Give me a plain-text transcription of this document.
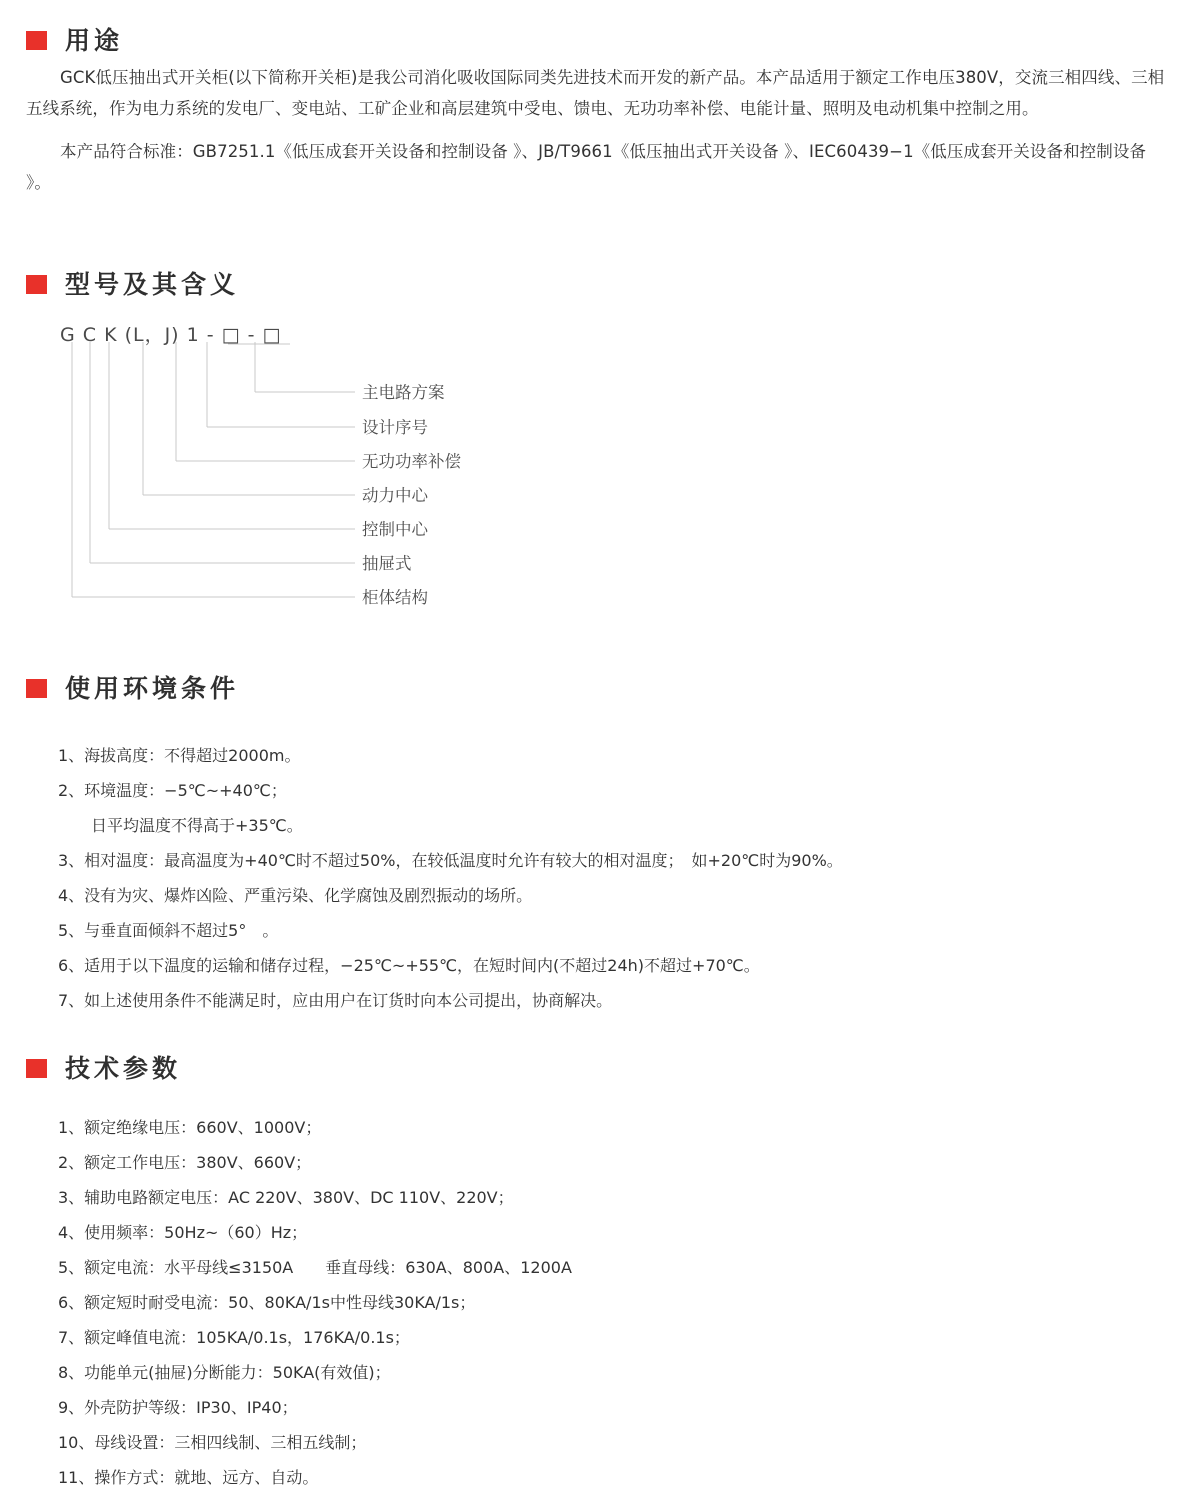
用途

GCK低压抽出式开关柜(以下简称开关柜)是我公司消化吸收国际同类先进技术而开发的新产品。本产品适用于额定工作电压380V，交流三相四线、三相五线系统，作为电力系统的发电厂、变电站、工矿企业和高层建筑中受电、馈电、无功功率补偿、电能计量、照明及电动机集中控制之用。

本产品符合标准：GB7251.1《低压成套开关设备和控制设备 》、JB/T9661《低压抽出式开关设备 》、IEC60439−1《低压成套开关设备和控制设备 》。

型号及其含义
G C K (L，J) 1 - □ - □
主电路方案
设计序号
无功功率补偿
动力中心
控制中心
抽屉式
柜体结构
使用环境条件
1、海拔高度：不得超过2000m。
2、环境温度：−5℃~+40℃；
日平均温度不得高于+35℃。
3、相对温度：最高温度为+40℃时不超过50%，在较低温度时允许有较大的相对温度；　如+20℃时为90%。
4、没有为灾、爆炸凶险、严重污染、化学腐蚀及剧烈振动的场所。
5、与垂直面倾斜不超过5°　。
6、适用于以下温度的运输和储存过程，−25℃~+55℃，在短时间内(不超过24h)不超过+70℃。
7、如上述使用条件不能满足时，应由用户在订货时向本公司提出，协商解决。
技术参数
1、额定绝缘电压：660V、1000V；
2、额定工作电压：380V、660V；
3、辅助电路额定电压：AC 220V、380V、DC 110V、220V；
4、使用频率：50Hz~（60）Hz；
5、额定电流：水平母线≤3150A　　垂直母线：630A、800A、1200A
6、额定短时耐受电流：50、80KA/1s中性母线30KA/1s；
7、额定峰值电流：105KA/0.1s，176KA/0.1s；
8、功能单元(抽屉)分断能力：50KA(有效值)；
9、外壳防护等级：IP30、IP40；
10、母线设置：三相四线制、三相五线制；
11、操作方式：就地、远方、自动。
